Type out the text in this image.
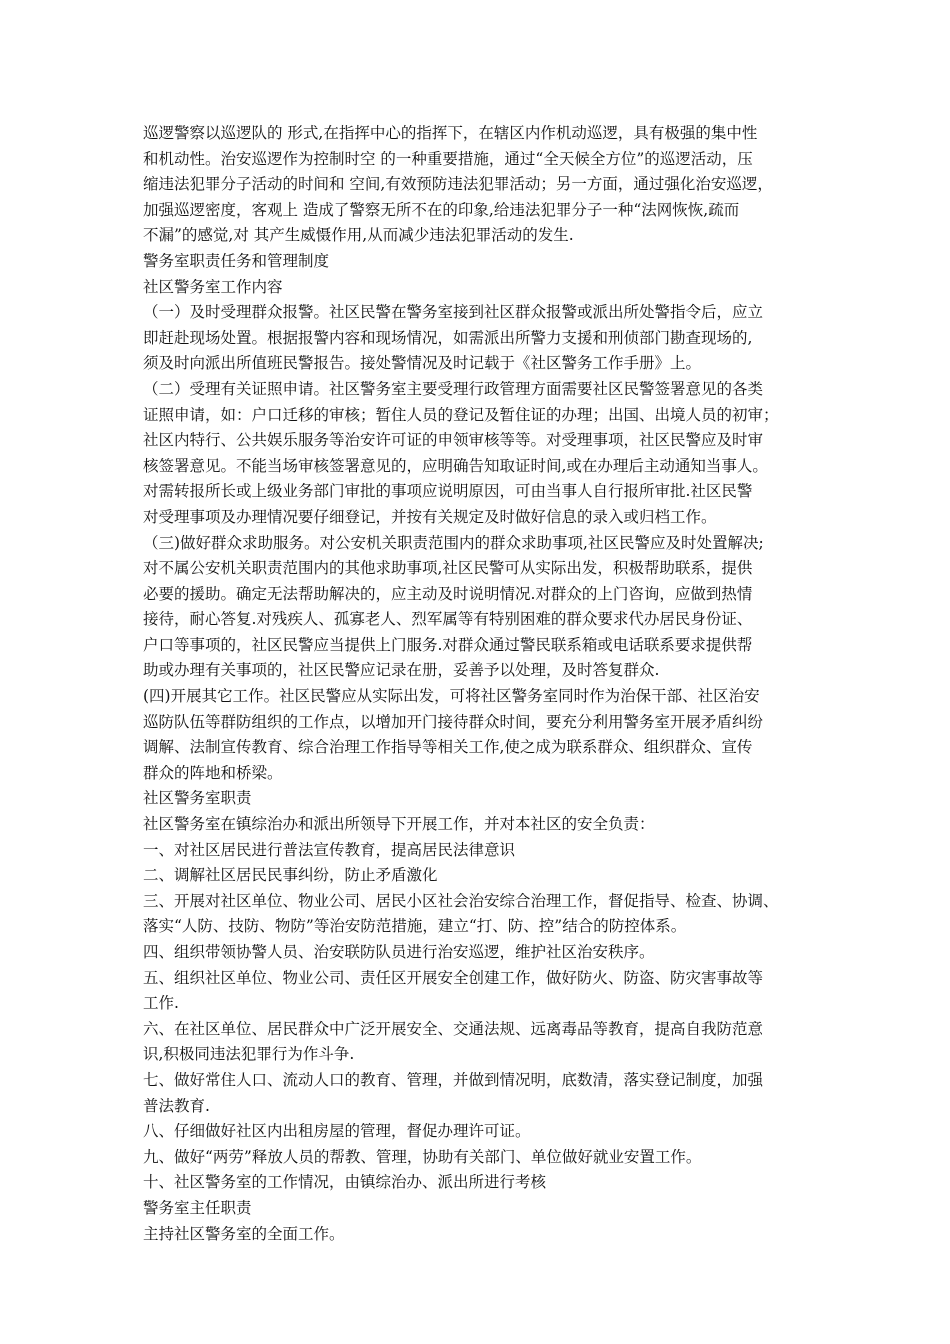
巡逻警察以巡逻队的 形式,在指挥中心的指挥下，在辖区内作机动巡逻，具有极强的集中性
和机动性。治安巡逻作为控制时空 的一种重要措施，通过“全天候全方位”的巡逻活动，压
缩违法犯罪分子活动的时间和 空间,有效预防违法犯罪活动；另一方面，通过强化治安巡逻，
加强巡逻密度，客观上 造成了警察无所不在的印象,给违法犯罪分子一种“法网恢恢,疏而
不漏”的感觉,对 其产生威慑作用,从而减少违法犯罪活动的发生.

警务室职责任务和管理制度

社区警务室工作内容

（一）及时受理群众报警。社区民警在警务室接到社区群众报警或派出所处警指令后，应立
即赶赴现场处置。根据报警内容和现场情况，如需派出所警力支援和刑侦部门勘查现场的,
须及时向派出所值班民警报告。接处警情况及时记载于《社区警务工作手册》上。

（二）受理有关证照申请。社区警务室主要受理行政管理方面需要社区民警签署意见的各类
证照申请，如：户口迁移的审核；暂住人员的登记及暂住证的办理；出国、出境人员的初审；
社区内特行、公共娱乐服务等治安许可证的申领审核等等。对受理事项，社区民警应及时审
核签署意见。不能当场审核签署意见的，应明确告知取证时间,或在办理后主动通知当事人。
对需转报所长或上级业务部门审批的事项应说明原因，可由当事人自行报所审批.社区民警
对受理事项及办理情况要仔细登记，并按有关规定及时做好信息的录入或归档工作。

（三)做好群众求助服务。对公安机关职责范围内的群众求助事项,社区民警应及时处置解决;
对不属公安机关职责范围内的其他求助事项,社区民警可从实际出发，积极帮助联系，提供
必要的援助。确定无法帮助解决的，应主动及时说明情况.对群众的上门咨询，应做到热情
接待，耐心答复.对残疾人、孤寡老人、烈军属等有特别困难的群众要求代办居民身份证、
户口等事项的，社区民警应当提供上门服务.对群众通过警民联系箱或电话联系要求提供帮
助或办理有关事项的，社区民警应记录在册，妥善予以处理，及时答复群众.

(四)开展其它工作。社区民警应从实际出发，可将社区警务室同时作为治保干部、社区治安
巡防队伍等群防组织的工作点，以增加开门接待群众时间，要充分利用警务室开展矛盾纠纷
调解、法制宣传教育、综合治理工作指导等相关工作,使之成为联系群众、组织群众、宣传
群众的阵地和桥梁。

社区警务室职责

社区警务室在镇综治办和派出所领导下开展工作，并对本社区的安全负责：

一、对社区居民进行普法宣传教育，提高居民法律意识

二、调解社区居民民事纠纷，防止矛盾激化

三、开展对社区单位、物业公司、居民小区社会治安综合治理工作，督促指导、检查、协调、
落实“人防、技防、物防”等治安防范措施，建立“打、防、控”结合的防控体系。

四、组织带领协警人员、治安联防队员进行治安巡逻，维护社区治安秩序。

五、组织社区单位、物业公司、责任区开展安全创建工作，做好防火、防盗、防灾害事故等
工作.

六、在社区单位、居民群众中广泛开展安全、交通法规、远离毒品等教育，提高自我防范意
识,积极同违法犯罪行为作斗争.

七、做好常住人口、流动人口的教育、管理，并做到情况明，底数清，落实登记制度，加强
普法教育.

八、仔细做好社区内出租房屋的管理，督促办理许可证。

九、做好“两劳”释放人员的帮教、管理，协助有关部门、单位做好就业安置工作。

十、社区警务室的工作情况，由镇综治办、派出所进行考核

警务室主任职责

主持社区警务室的全面工作。
